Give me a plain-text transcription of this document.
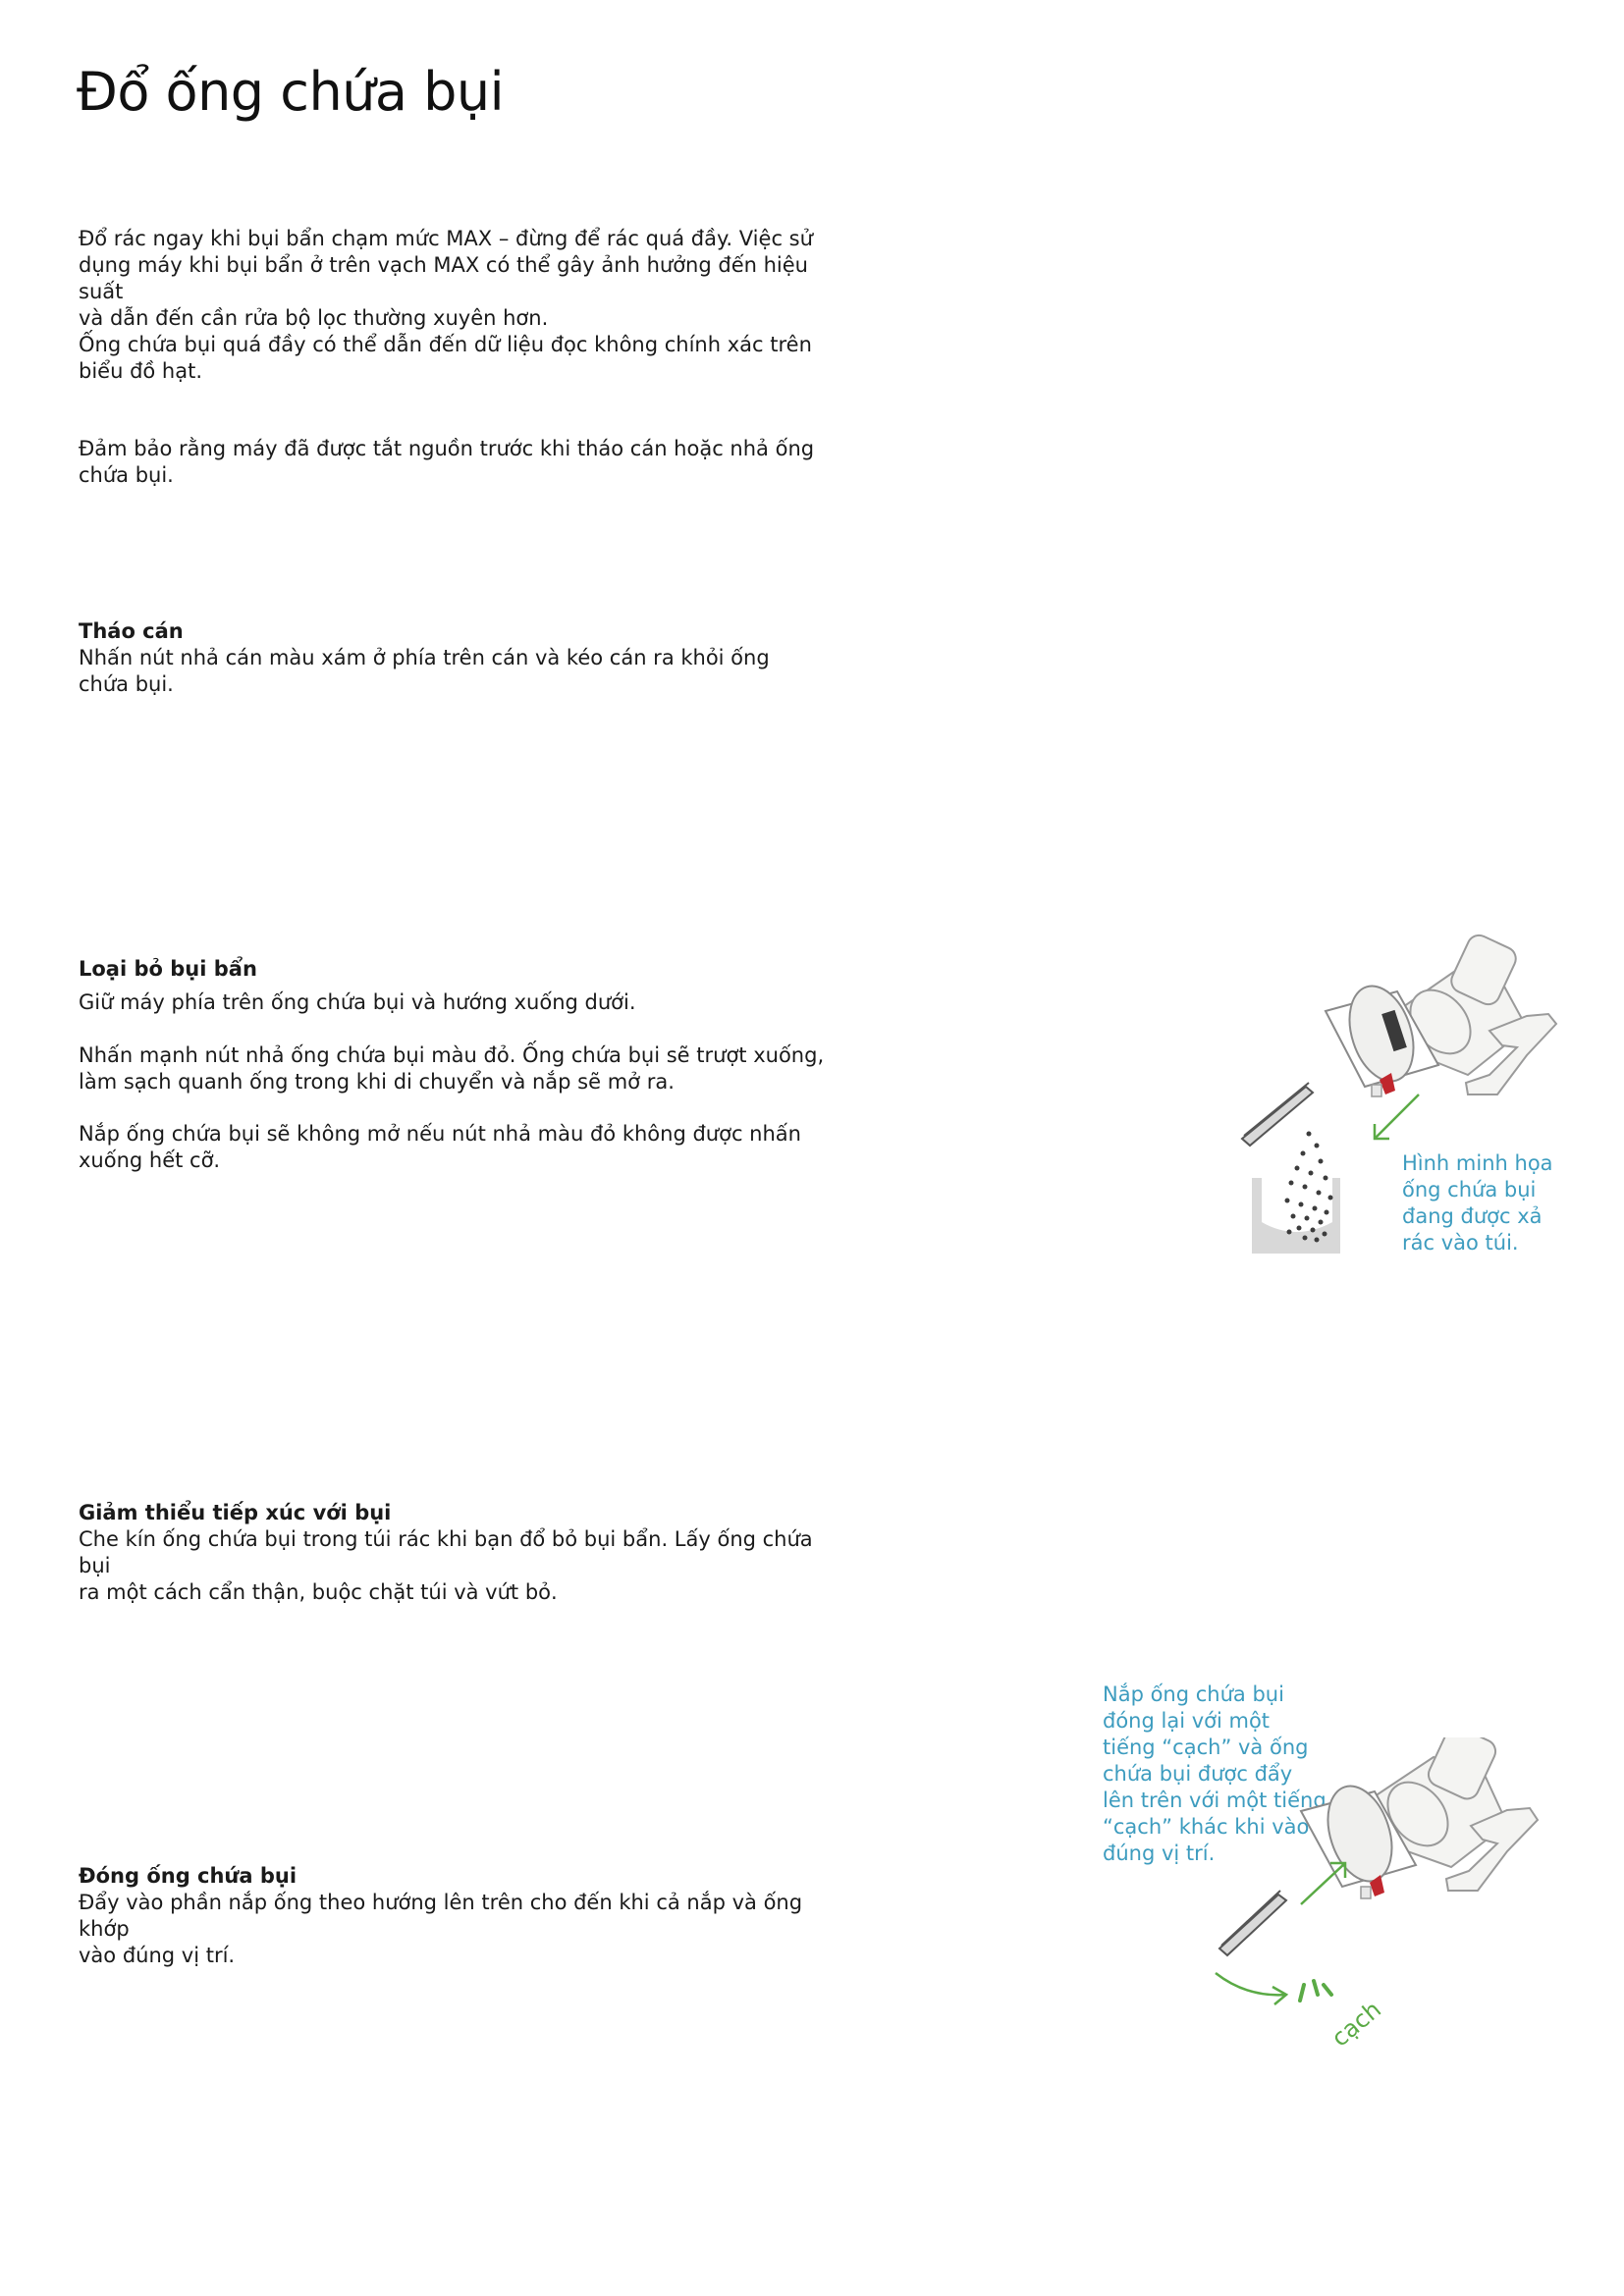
Đổ ống chứa bụi

Đổ rác ngay khi bụi bẩn chạm mức MAX – đừng để rác quá đầy. Việc sử
dụng máy khi bụi bẩn ở trên vạch MAX có thể gây ảnh hưởng đến hiệu suất
và dẫn đến cần rửa bộ lọc thường xuyên hơn.

Ống chứa bụi quá đầy có thể dẫn đến dữ liệu đọc không chính xác trên
biểu đồ hạt.

Đảm bảo rằng máy đã được tắt nguồn trước khi tháo cán hoặc nhả ống
chứa bụi.

Tháo cán

Nhấn nút nhả cán màu xám ở phía trên cán và kéo cán ra khỏi ống chứa bụi.

Loại bỏ bụi bẩn

Giữ máy phía trên ống chứa bụi và hướng xuống dưới.

Nhấn mạnh nút nhả ống chứa bụi màu đỏ. Ống chứa bụi sẽ trượt xuống,
làm sạch quanh ống trong khi di chuyển và nắp sẽ mở ra.

Nắp ống chứa bụi sẽ không mở nếu nút nhả màu đỏ không được nhấn
xuống hết cỡ.	Hình minh họa
ống chứa bụi
đang được xả
rác vào túi.

Giảm thiểu tiếp xúc với bụi

Che kín ống chứa bụi trong túi rác khi bạn đổ bỏ bụi bẩn. Lấy ống chứa bụi
ra một cách cẩn thận, buộc chặt túi và vứt bỏ.

Nắp ống chứa bụi
đóng lại với một
tiếng “cạch” và ống
chứa bụi được đẩy
lên trên với một tiếng
“cạch” khác khi vào
đúng vị trí.

Đóng ống chứa bụi

Đẩy vào phần nắp ống theo hướng lên trên cho đến khi cả nắp và ống khớp
vào đúng vị trí.

cạch
